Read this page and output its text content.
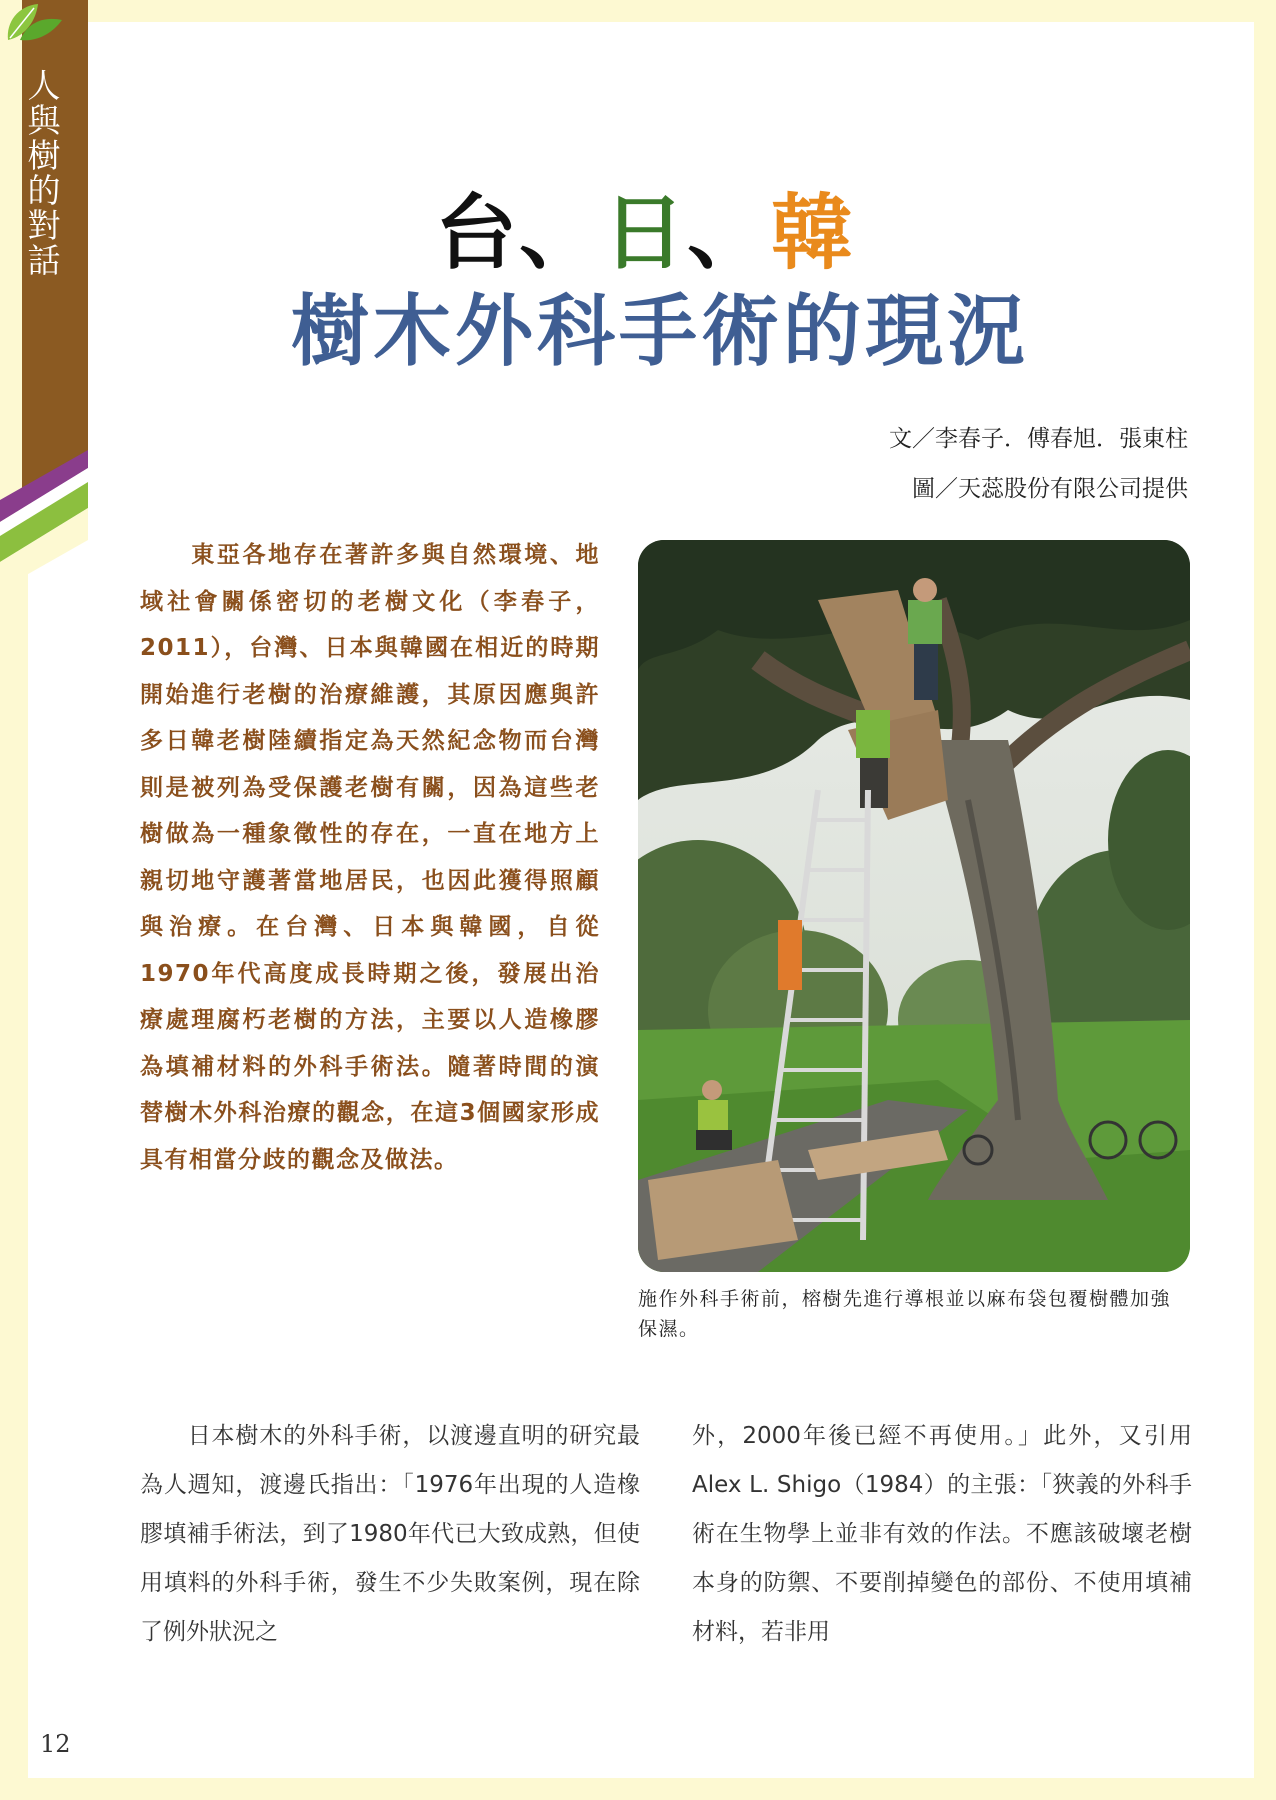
人
與
樹
的
對
話	台、日、韓
樹木外科手術的現況
文／李春子．傅春旭．張東柱
圖／天蕊股份有限公司提供
　　東亞各地存在著許多與自然環境、地域社會關係密切的老樹文化（李春子，2011），台灣、日本與韓國在相近的時期開始進行老樹的治療維護，其原因應與許多日韓老樹陸續指定為天然紀念物而台灣則是被列為受保護老樹有關，因為這些老樹做為一種象徵性的存在，一直在地方上親切地守護著當地居民，也因此獲得照顧與治療。在台灣、日本與韓國，自從1970年代高度成長時期之後，發展出治療處理腐朽老樹的方法，主要以人造橡膠為填補材料的外科手術法。隨著時間的演替樹木外科治療的觀念，在這3個國家形成具有相當分歧的觀念及做法。
施作外科手術前，榕樹先進行導根並以麻布袋包覆樹體加強保濕。
　　日本樹木的外科手術，以渡邊直明的研究最為人週知，渡邊氏指出：「1976年出現的人造橡膠填補手術法，到了1980年代已大致成熟，但使用填料的外科手術，發生不少失敗案例，現在除了例外狀況之
外，2000年後已經不再使用。」此外，又引用Alex L. Shigo（1984）的主張：「狹義的外科手術在生物學上並非有效的作法。不應該破壞老樹本身的防禦、不要削掉變色的部份、不使用填補材料，若非用
12
